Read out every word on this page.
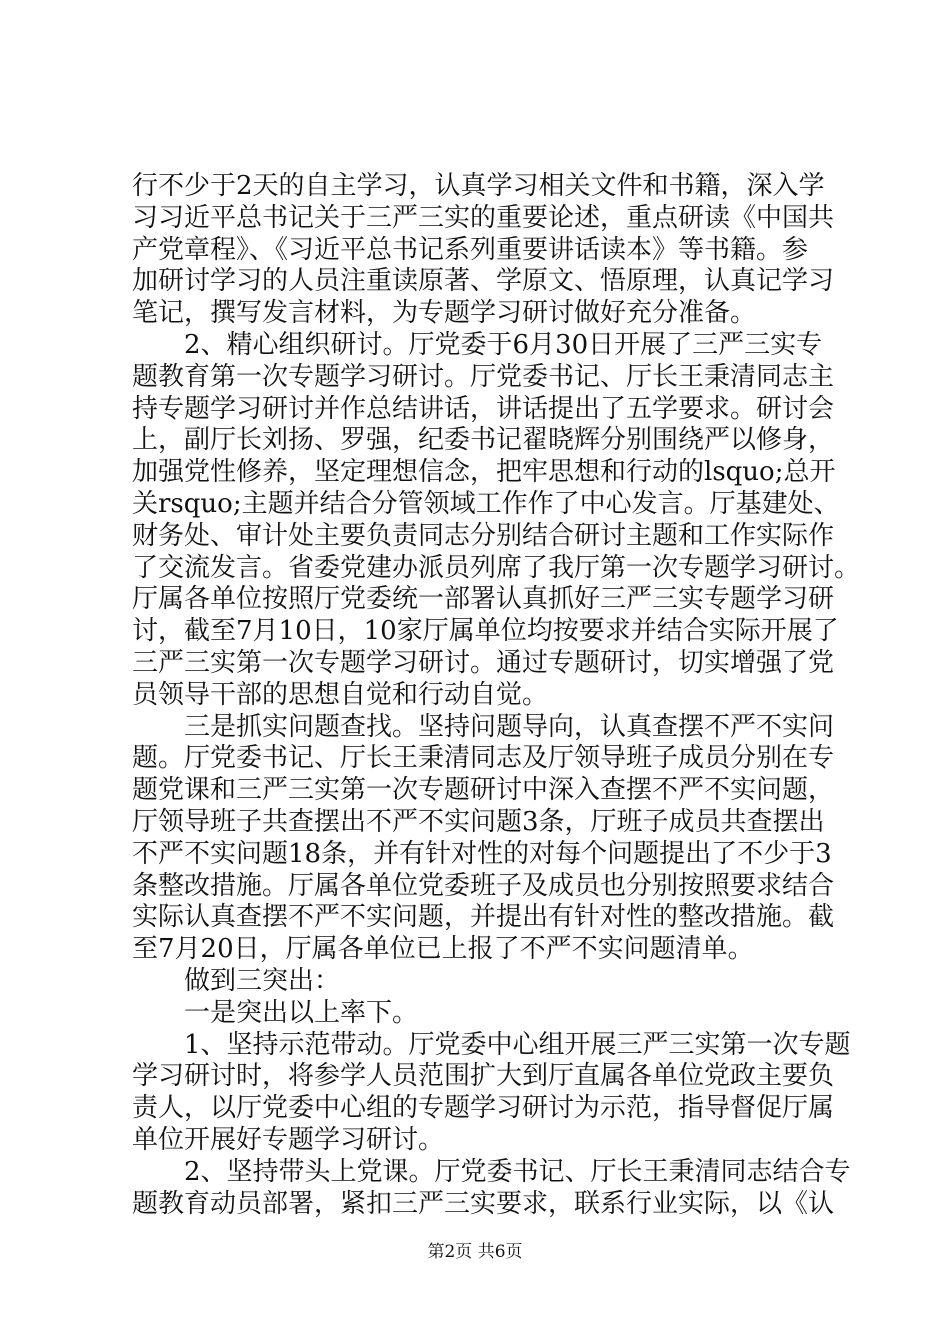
行不少于2天的自主学习，认真学习相关文件和书籍，深入学
习习近平总书记关于三严三实的重要论述，重点研读《中国共
产党章程》、《习近平总书记系列重要讲话读本》等书籍。参
加研讨学习的人员注重读原著、学原文、悟原理，认真记学习
笔记，撰写发言材料，为专题学习研讨做好充分准备。
　　2、精心组织研讨。厅党委于6月30日开展了三严三实专
题教育第一次专题学习研讨。厅党委书记、厅长王秉清同志主
持专题学习研讨并作总结讲话，讲话提出了五学要求。研讨会
上，副厅长刘扬、罗强，纪委书记翟晓辉分别围绕严以修身，
加强党性修养，坚定理想信念，把牢思想和行动的lsquo;总开
关rsquo;主题并结合分管领域工作作了中心发言。厅基建处、
财务处、审计处主要负责同志分别结合研讨主题和工作实际作
了交流发言。省委党建办派员列席了我厅第一次专题学习研讨。
厅属各单位按照厅党委统一部署认真抓好三严三实专题学习研
讨，截至7月10日，10家厅属单位均按要求并结合实际开展了
三严三实第一次专题学习研讨。通过专题研讨，切实增强了党
员领导干部的思想自觉和行动自觉。
　　三是抓实问题查找。坚持问题导向，认真查摆不严不实问
题。厅党委书记、厅长王秉清同志及厅领导班子成员分别在专
题党课和三严三实第一次专题研讨中深入查摆不严不实问题，
厅领导班子共查摆出不严不实问题3条，厅班子成员共查摆出
不严不实问题18条，并有针对性的对每个问题提出了不少于3
条整改措施。厅属各单位党委班子及成员也分别按照要求结合
实际认真查摆不严不实问题，并提出有针对性的整改措施。截
至7月20日，厅属各单位已上报了不严不实问题清单。
　　做到三突出：
　　一是突出以上率下。
　　1、坚持示范带动。厅党委中心组开展三严三实第一次专题
学习研讨时，将参学人员范围扩大到厅直属各单位党政主要负
责人，以厅党委中心组的专题学习研讨为示范，指导督促厅属
单位开展好专题学习研讨。
　　2、坚持带头上党课。厅党委书记、厅长王秉清同志结合专
题教育动员部署，紧扣三严三实要求，联系行业实际，以《认
第2页 共6页
